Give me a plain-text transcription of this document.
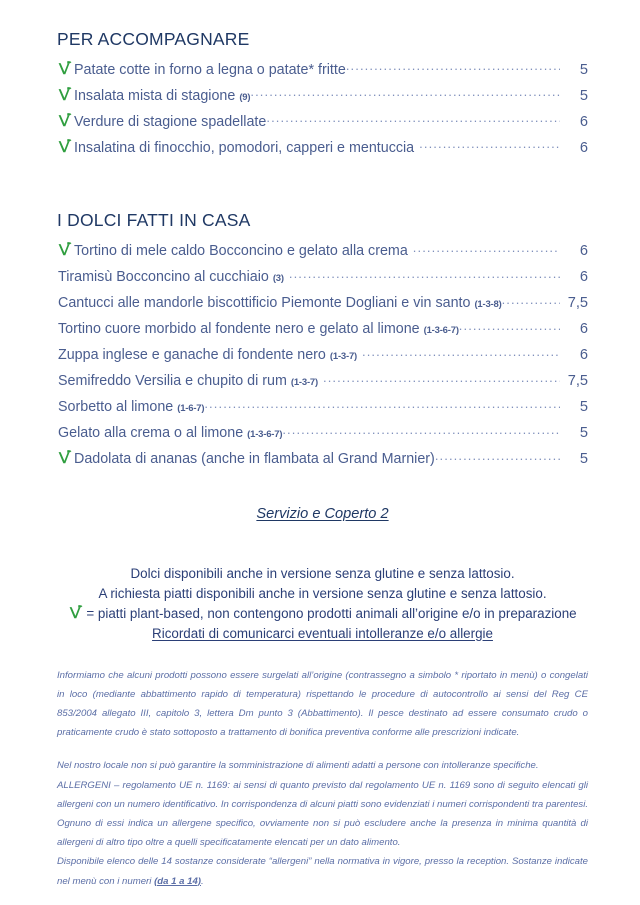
PER ACCOMPAGNARE
Patate cotte in forno a legna o patate* fritte .....	5
Insalata mista di stagione (9) .....	5
Verdure di stagione spadellate .....	6
Insalatina di finocchio, pomodori, capperi e mentuccia .....	6
I DOLCI FATTI IN CASA
Tortino di mele caldo Bocconcino e gelato alla crema .....	6
Tiramisù Bocconcino al cucchiaio (3) .....	6
Cantucci alle mandorle biscottificio Piemonte Dogliani e vin santo (1-3-8) .....	7,5
Tortino cuore morbido al fondente nero e gelato al limone (1-3-6-7) .....	6
Zuppa inglese e ganache di fondente nero (1-3-7) .....	6
Semifreddo Versilia e chupito di rum (1-3-7) .....	7,5
Sorbetto al limone (1-6-7) .....	5
Gelato alla crema o al limone (1-3-6-7) .....	5
Dadolata di ananas (anche in flambata al Grand Marnier) .....	5
Servizio e Coperto 2
Dolci disponibili anche in versione senza glutine e senza lattosio.
A richiesta piatti disponibili anche in versione senza glutine e senza lattosio.
= piatti plant-based, non contengono prodotti animali all’origine e/o in preparazione
Ricordati di comunicarci eventuali intolleranze e/o allergie

Informiamo che alcuni prodotti possono essere surgelati all’origine (contrassegno a simbolo * riportato in menù) o congelati in loco (mediante abbattimento rapido di temperatura) rispettando le procedure di autocontrollo ai sensi del Reg CE 853/2004 allegato III, capitolo 3, lettera Dm punto 3 (Abbattimento). Il pesce destinato ad essere consumato crudo o praticamente crudo è stato sottoposto a trattamento di bonifica preventiva conforme alle prescrizioni indicate.

Nel nostro locale non si può garantire la somministrazione di alimenti adatti a persone con intolleranze specifiche.

ALLERGENI – regolamento UE n. 1169: ai sensi di quanto previsto dal regolamento UE n. 1169 sono di seguito elencati gli allergeni con un numero identificativo. In corrispondenza di alcuni piatti sono evidenziati i numeri corrispondenti tra parentesi. Ognuno di essi indica un allergene specifico, ovviamente non si può escludere anche la presenza in minima quantità di allergeni di altro tipo oltre a quelli specificatamente elencati per un dato alimento.

Disponibile elenco delle 14 sostanze considerate “allergeni” nella normativa in vigore, presso la reception. Sostanze indicate nel menù con i numeri (da 1 a 14).
